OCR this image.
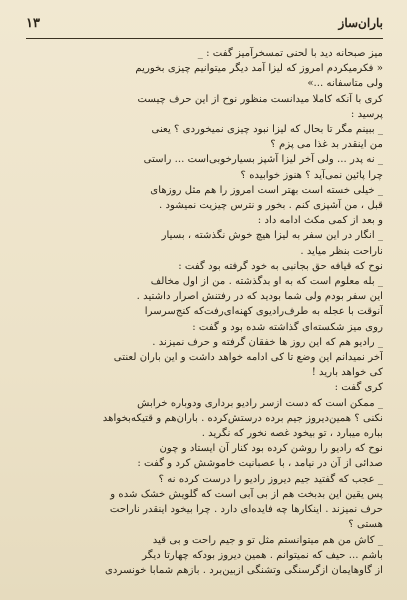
باران‌ساز
۱۳
میز صبحانه دید با لحنی تمسخرآمیز گفت : _
« فکرمیکردم امروز که لیزا آمد دیگر میتوانیم چیزی بخوریم
ولی متاسفانه ...»
کری با آنکه کاملا میدانست منظور نوح از این حرف چیست
پرسید :
_ ببینم مگر تا بحال که لیزا نبود چیزی نمیخوردی ؟ یعنی
من اینقدر بد غذا می پزم ؟
_ نه پدر ... ولی آخر لیزا آشپز بسیارخوبی‌است ... راستی
چرا پائین نمی‌آید ؟ هنوز خوابیده ؟
_ خیلی خسته است بهتر است امروز را هم مثل روزهای
قبل ، من آشپزی کنم . بخور و نترس چیزیت نمیشود .
و بعد از کمی مکث ادامه داد :
_ انگار در این سفر به لیزا هیچ خوش نگذشته ، بسیار
ناراحت بنظر میاید .
نوح که قیافه حق بجانبی به خود گرفته بود گفت :
_ بله معلوم است که به او بدگذشته . من از اول مخالف
این سفر بودم ولی شما بودید که در رفتنش اصرار داشتید .
آنوقت با عجله به طرف‌رادیوی کهنه‌ای‌رفت‌که کنج‌سرسرا
روی میز شکسته‌ای گذاشته شده بود و گفت :
_ رادیو هم که این روز ها خفقان گرفته و حرف نمیزند .
آخر نمیدانم این وضع تا کی ادامه خواهد داشت و این باران لعنتی
کی خواهد بارید !
کری گفت :
_ ممکن است که دست ازسر رادیو برداری ودوباره خرابش
نکنی ؟ همین‌دیروز جیم برده درستش‌کرده . باران‌هم و قتیکه‌بخواهد
بباره میبارد ، تو بیخود غصه نخور که نگرید .
نوح که رادیو را روشن کرده بود کنار آن ایستاد و چون
صدائی از آن در نیامد ، با عصبانیت خاموشش کرد و گفت :
_ عجب که گفتید جیم دیروز رادیو را درست کرده نه ؟
پس یقین این بدبخت هم از بی آبی است که گلویش خشک شده و
حرف نمیزند . اینکارها چه فایده‌ای دارد . چرا بیخود اینقدر ناراحت
هستی ؟
_ کاش من هم میتوانستم مثل تو و جیم راحت و بی قید
باشم ... حیف که نمیتوانم . همین دیروز بودکه چهارتا دیگر
از گاوهایمان ازگرسنگی وتشنگی ازبین‌برد . بازهم شمابا خونسردی
